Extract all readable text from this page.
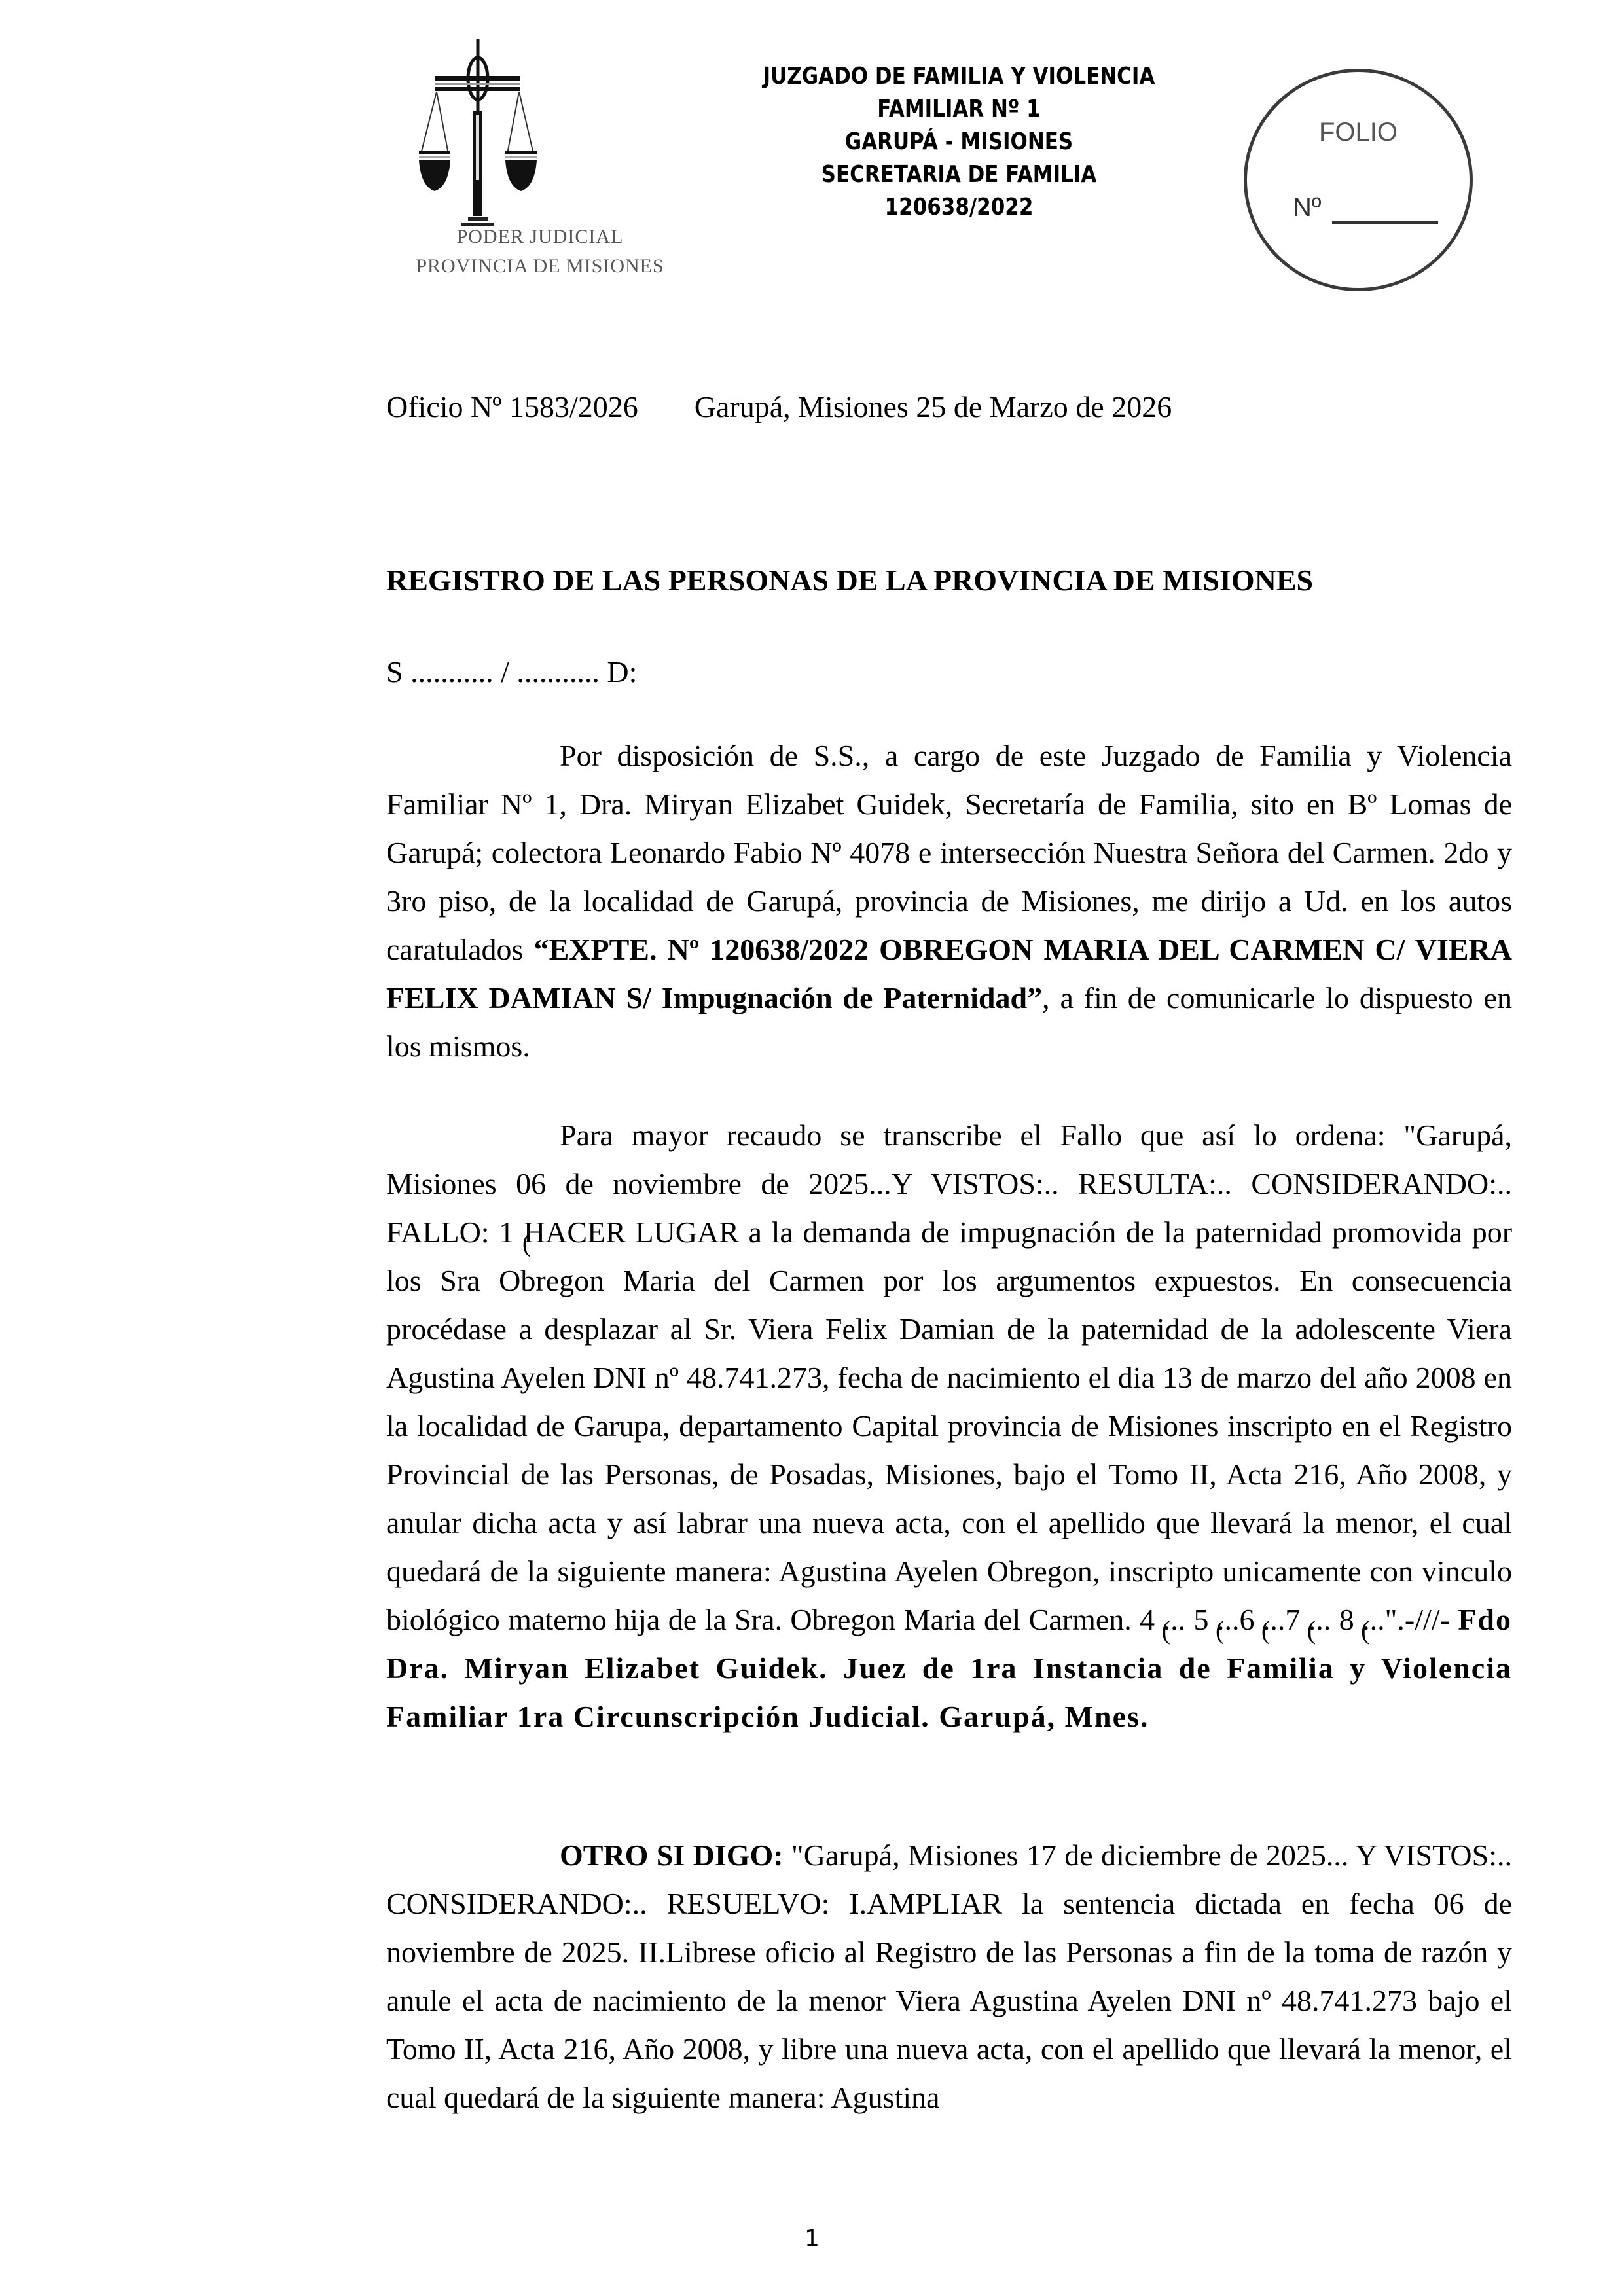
PODER JUDICIAL
PROVINCIA DE MISIONES
JUZGADO DE FAMILIA Y VIOLENCIA
FAMILIAR Nº 1
GARUPÁ - MISIONES
SECRETARIA DE FAMILIA
120638/2022
FOLIO
Nº
Oficio Nº 1583/2026 Garupá, Misiones 25 de Marzo de 2026
REGISTRO DE LAS PERSONAS DE LA PROVINCIA DE MISIONES
S ........... / ........... D:
Por disposición de S.S., a cargo de este Juzgado de Familia y Violencia Familiar Nº 1, Dra. Miryan Elizabet Guidek, Secretaría de Familia, sito en Bº Lomas de Garupá; colectora Leonardo Fabio Nº 4078 e intersección Nuestra Señora del Carmen. 2do y 3ro piso, de la localidad de Garupá, provincia de Misiones, me dirijo a Ud. en los autos caratulados “EXPTE. Nº 120638/2022 OBREGON MARIA DEL CARMEN C/ VIERA FELIX DAMIAN S/ Impugnación de Paternidad”, a fin de comunicarle lo dispuesto en los mismos.
Para mayor recaudo se transcribe el Fallo que así lo ordena: "Garupá, Misiones 06 de noviembre de 2025...Y VISTOS:.. RESULTA:.. CONSIDERANDO:.. FALLO: 1 HACER LUGAR a la demanda de impugnación de la paternidad promovida por los Sra Obregon Maria del Carmen por los argumentos expuestos. En consecuencia procédase a desplazar al Sr. Viera Felix Damian de la paternidad de la adolescente Viera Agustina Ayelen DNI nº 48.741.273, fecha de nacimiento el dia 13 de marzo del año 2008 en la localidad de Garupa, departamento Capital provincia de Misiones inscripto en el Registro Provincial de las Personas, de Posadas, Misiones, bajo el Tomo II, Acta 216, Año 2008, y anular dicha acta y así labrar una nueva acta, con el apellido que llevará la menor, el cual quedará de la siguiente manera: Agustina Ayelen Obregon, inscripto unicamente con vinculo biológico materno hija de la Sra. Obregon Maria del Carmen. 4 ... 5 ...6 ...7 ... 8 ...".-///- Fdo Dra. Miryan Elizabet Guidek. Juez de 1ra Instancia de Familia y Violencia Familiar 1ra Circunscripción Judicial. Garupá, Mnes.
OTRO SI DIGO: "Garupá, Misiones 17 de diciembre de 2025... Y VISTOS:.. CONSIDERANDO:.. RESUELVO: I.AMPLIAR la sentencia dictada en fecha 06 de noviembre de 2025. II.Librese oficio al Registro de las Personas a fin de la toma de razón y anule el acta de nacimiento de la menor Viera Agustina Ayelen DNI nº 48.741.273 bajo el Tomo II, Acta 216, Año 2008, y libre una nueva acta, con el apellido que llevará la menor, el cual quedará de la siguiente manera: Agustina
1
